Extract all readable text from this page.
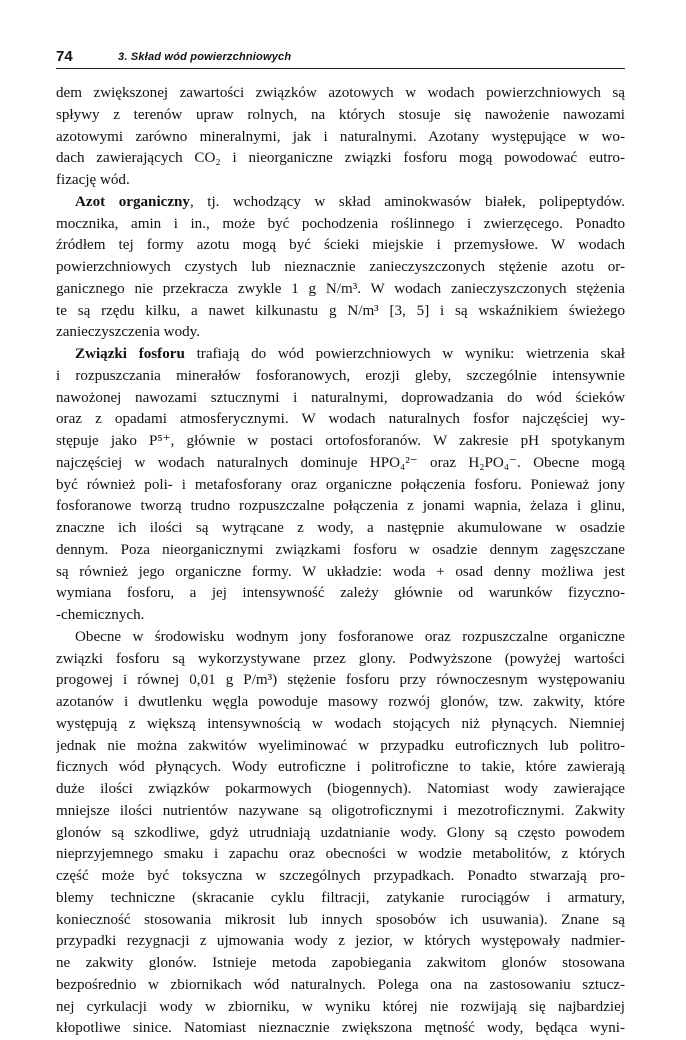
74	3. Skład wód powierzchniowych
dem zwiększonej zawartości związków azotowych w wodach powierzchniowych są
spływy z terenów upraw rolnych, na których stosuje się nawożenie nawozami
azotowymi zarówno mineralnymi, jak i naturalnymi. Azotany występujące w wo-
dach zawierających CO₂ i nieorganiczne związki fosforu mogą powodować eutro-
fizację wód.
Azot organiczny, tj. wchodzący w skład aminokwasów białek, polipeptydów.
mocznika, amin i in., może być pochodzenia roślinnego i zwierzęcego. Ponadto
źródłem tej formy azotu mogą być ścieki miejskie i przemysłowe. W wodach
powierzchniowych czystych lub nieznacznie zanieczyszczonych stężenie azotu or-
ganicznego nie przekracza zwykle 1 g N/m³. W wodach zanieczyszczonych stężenia
te są rzędu kilku, a nawet kilkunastu g N/m³ [3, 5] i są wskaźnikiem świeżego
zanieczyszczenia wody.
Związki fosforu trafiają do wód powierzchniowych w wyniku: wietrzenia skał
i rozpuszczania minerałów fosforanowych, erozji gleby, szczególnie intensywnie
nawożonej nawozami sztucznymi i naturalnymi, doprowadzania do wód ścieków
oraz z opadami atmosferycznymi. W wodach naturalnych fosfor najczęściej wy-
stępuje jako P⁵⁺, głównie w postaci ortofosforanów. W zakresie pH spotykanym
najczęściej w wodach naturalnych dominuje HPO₄²⁻ oraz H₂PO₄⁻. Obecne mogą
być również poli- i metafosforany oraz organiczne połączenia fosforu. Ponieważ jony
fosforanowe tworzą trudno rozpuszczalne połączenia z jonami wapnia, żelaza i glinu,
znaczne ich ilości są wytrącane z wody, a następnie akumulowane w osadzie
dennym. Poza nieorganicznymi związkami fosforu w osadzie dennym zagęszczane
są również jego organiczne formy. W układzie: woda + osad denny możliwa jest
wymiana fosforu, a jej intensywność zależy głównie od warunków fizyczno-
-chemicznych.
Obecne w środowisku wodnym jony fosforanowe oraz rozpuszczalne organiczne
związki fosforu są wykorzystywane przez glony. Podwyższone (powyżej wartości
progowej i równej 0,01 g P/m³) stężenie fosforu przy równoczesnym występowaniu
azotanów i dwutlenku węgla powoduje masowy rozwój glonów, tzw. zakwity, które
występują z większą intensywnością w wodach stojących niż płynących. Niemniej
jednak nie można zakwitów wyeliminować w przypadku eutroficznych lub politro-
ficznych wód płynących. Wody eutroficzne i politroficzne to takie, które zawierają
duże ilości związków pokarmowych (biogennych). Natomiast wody zawierające
mniejsze ilości nutrientów nazywane są oligotroficznymi i mezotroficznymi. Zakwity
glonów są szkodliwe, gdyż utrudniają uzdatnianie wody. Glony są często powodem
nieprzyjemnego smaku i zapachu oraz obecności w wodzie metabolitów, z których
część może być toksyczna w szczególnych przypadkach. Ponadto stwarzają pro-
blemy techniczne (skracanie cyklu filtracji, zatykanie rurociągów i armatury,
konieczność stosowania mikrosit lub innych sposobów ich usuwania). Znane są
przypadki rezygnacji z ujmowania wody z jezior, w których występowały nadmier-
ne zakwity glonów. Istnieje metoda zapobiegania zakwitom glonów stosowana
bezpośrednio w zbiornikach wód naturalnych. Polega ona na zastosowaniu sztucz-
nej cyrkulacji wody w zbiorniku, w wyniku której nie rozwijają się najbardziej
kłopotliwe sinice. Natomiast nieznacznie zwiększona mętność wody, będąca wyni-
